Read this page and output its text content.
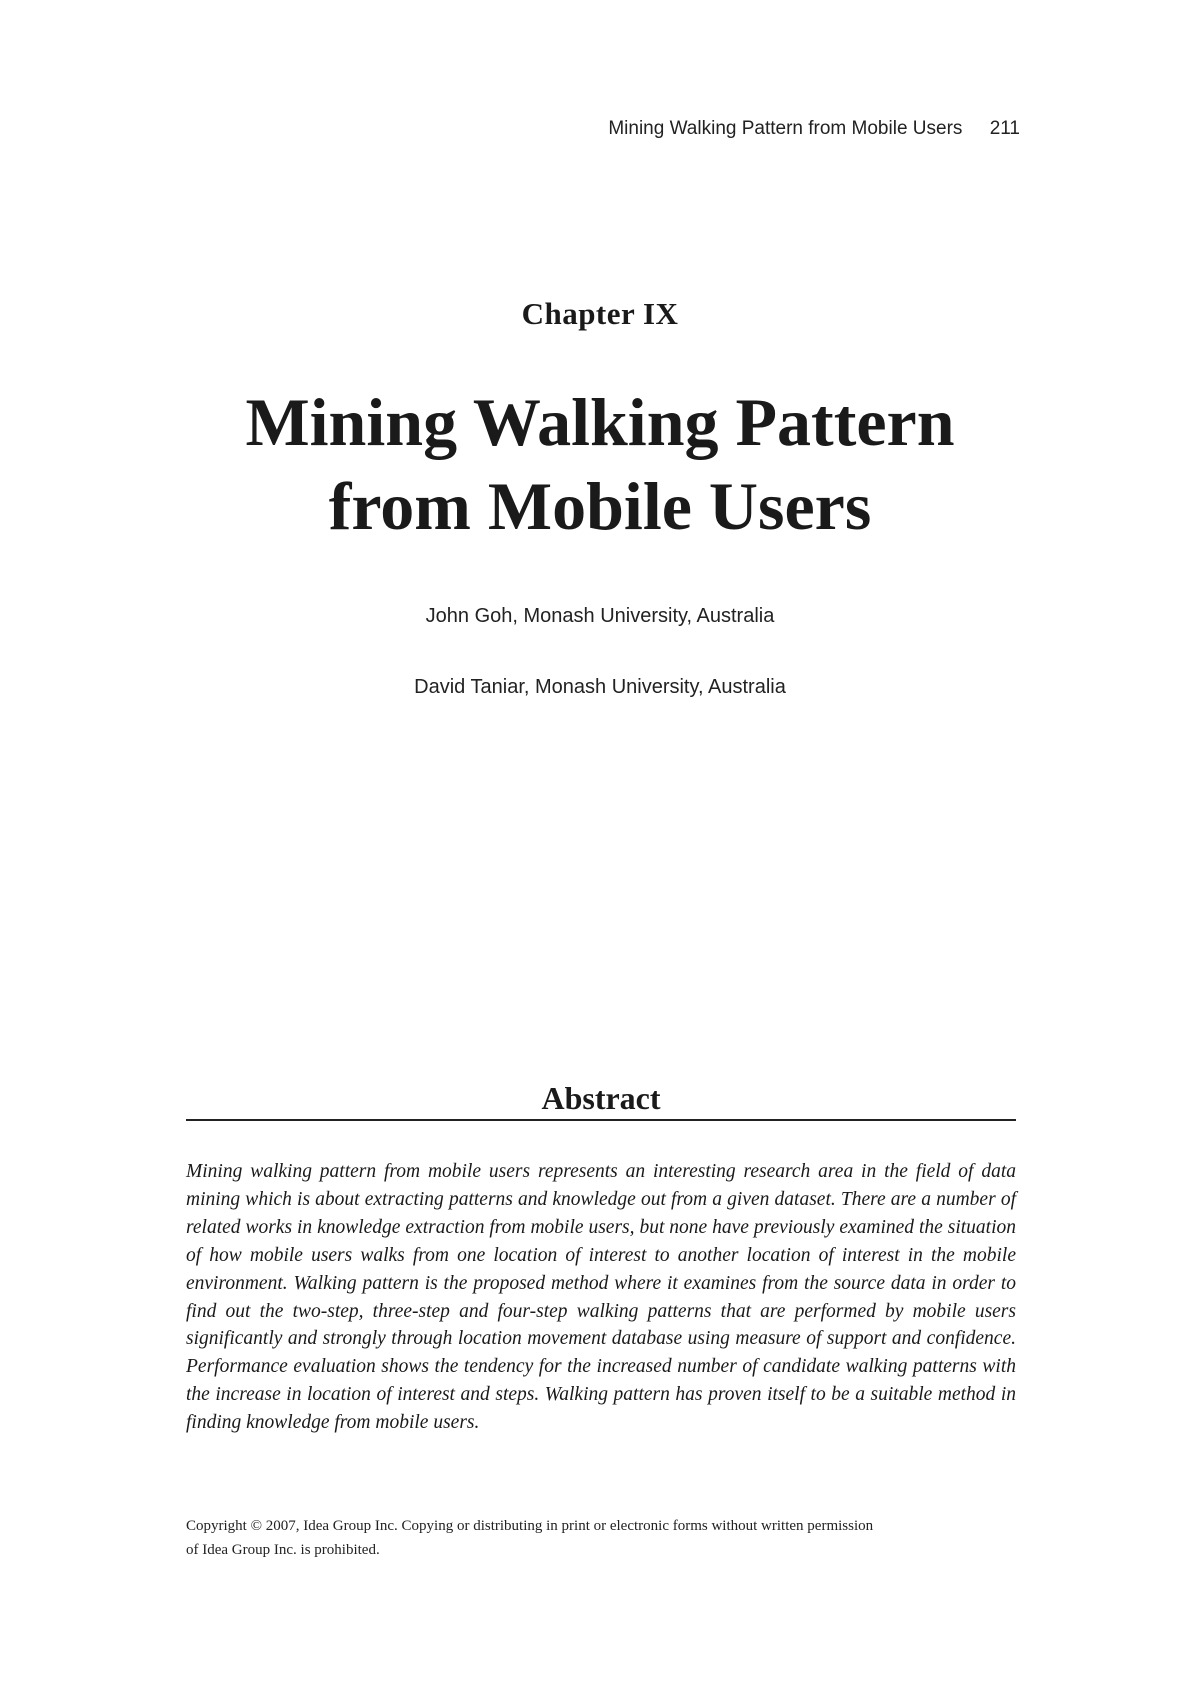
Mining Walking Pattern from Mobile Users 211
Chapter IX
Mining Walking Pattern
from Mobile Users
John Goh, Monash University, Australia
David Taniar, Monash University, Australia
Abstract

Mining walking pattern from mobile users represents an interesting research area in the field of data mining which is about extracting patterns and knowledge out from a given dataset. There are a number of related works in knowledge extraction from mobile users, but none have previously examined the situation of how mobile users walks from one location of interest to another location of interest in the mobile environment. Walking pattern is the proposed method where it examines from the source data in order to find out the two-step, three-step and four-step walking patterns that are performed by mobile users significantly and strongly through location movement database using measure of support and confidence. Performance evaluation shows the tendency for the increased number of candidate walking patterns with the increase in location of interest and steps. Walking pattern has proven itself to be a suitable method in finding knowledge from mobile users.

Copyright © 2007, Idea Group Inc. Copying or distributing in print or electronic forms without written permission
of Idea Group Inc. is prohibited.
